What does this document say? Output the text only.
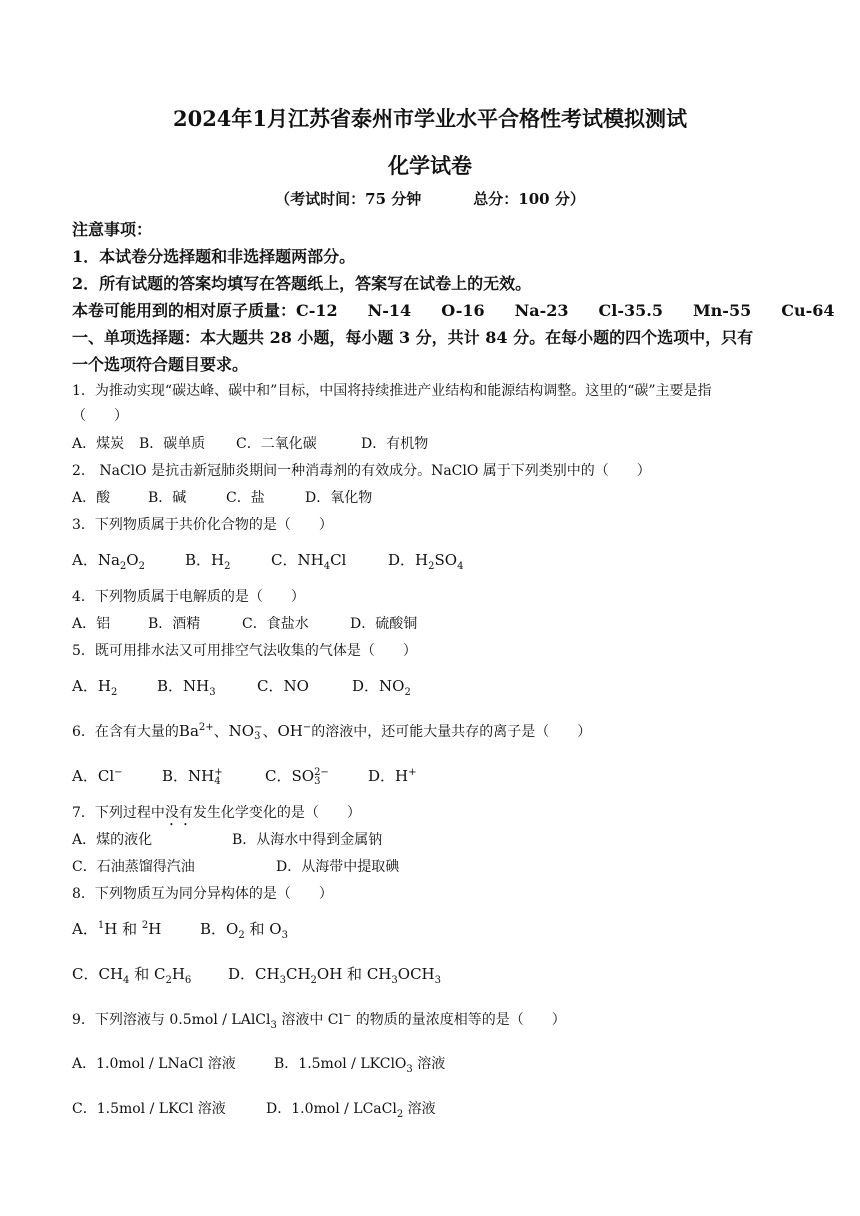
2024年1月江苏省泰州市学业水平合格性考试模拟测试
化学试卷
（考试时间：75 分钟	总分：100 分）
注意事项：
1．本试卷分选择题和非选择题两部分。
2．所有试题的答案均填写在答题纸上，答案写在试卷上的无效。
本卷可能用到的相对原子质量：C-12 N-14 O-16 Na-23 Cl-35.5 Mn-55 Cu-64
一、单项选择题：本大题共 28 小题，每小题 3 分，共计 84 分。在每小题的四个选项中，只有
一个选项符合题目要求。
1．为推动实现“碳达峰、碳中和”目标，中国将持续推进产业结构和能源结构调整。这里的“碳”主要是指
（　　）
A．煤炭 B．碳单质 C．二氧化碳	D．有机物
2． NaClO 是抗击新冠肺炎期间一种消毒剂的有效成分。NaClO 属于下列类别中的（　　）
A．酸	B．碱	C．盐	D．氧化物
3．下列物质属于共价化合物的是（　　）
A．$Na_2O_2$	B．$H_2$	C．$NH_4Cl$	D．$H_2SO_4$
4．下列物质属于电解质的是（　　）
A．铝	B．酒精	C．食盐水	D．硫酸铜
5．既可用排水法又可用排空气法收集的气体是（　　）
A．$H_2$	B．$NH_3$	C．NO	D．$NO_2$
6．在含有大量的$Ba^{2+}$、NO −
3 、OH−的溶液中，还可能大量共存的离子是（　　）
A．Cl−	B．NH +
4	C．SO 2−
3	D．H+
7．下列过程中没有发生化学变化的是（　　）
A．煤的液化	B．从海水中得到金属钠
C．石油蒸馏得汽油	D．从海带中提取碘
8．下列物质互为同分异构体的是（　　）
A．$^1$H 和 $^2$H	B．$O_2$ 和 $O_3$
C．$CH_4$ 和 $C_2H_6$ D．$CH_3CH_2OH$ 和 $CH_3OCH_3$
9．下列溶液与 0.5mol / LAlCl$_3$ 溶液中 Cl− 的物质的量浓度相等的是（　　）
A．1.0mol / LNaCl 溶液	B．1.5mol / LKClO$_3$ 溶液
C．1.5mol / LKCl 溶液	D．1.0mol / LCaCl$_2$ 溶液
